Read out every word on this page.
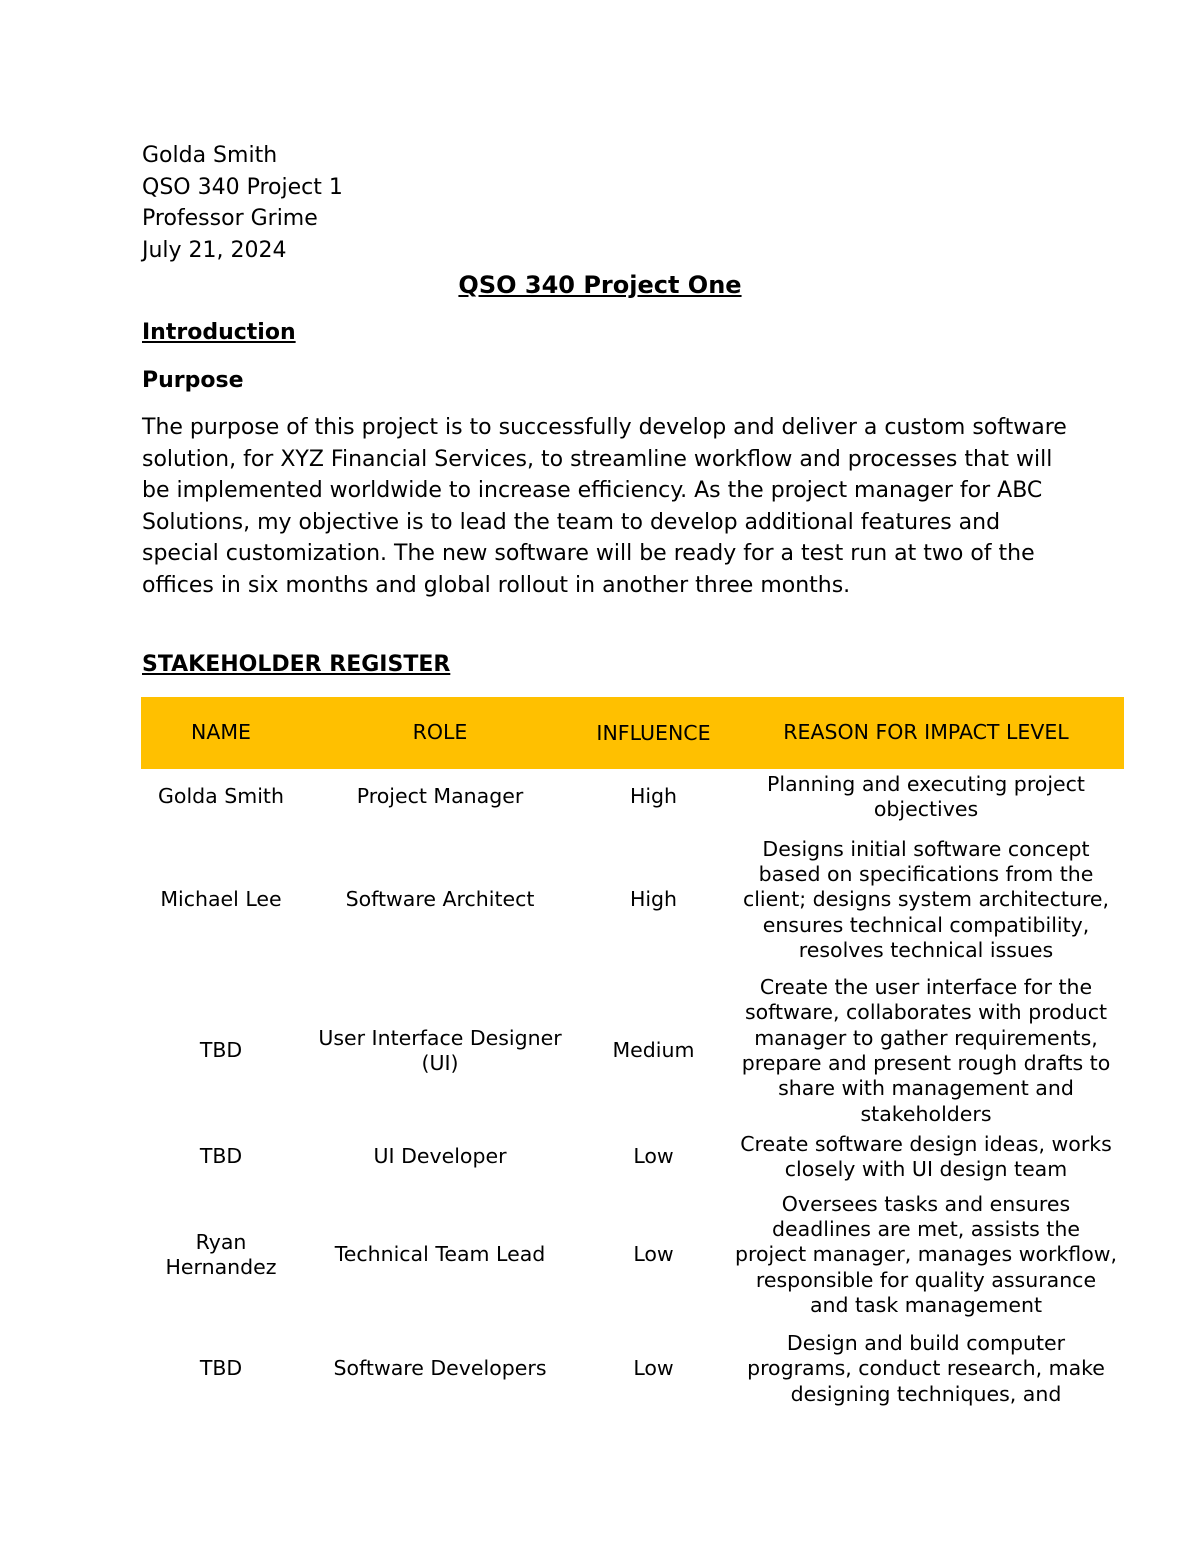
Golda Smith
QSO 340 Project 1
Professor Grime
July 21, 2024
QSO 340 Project One
Introduction
Purpose
The purpose of this project is to successfully develop and deliver a custom software solution, for XYZ Financial Services, to streamline workflow and processes that will be implemented worldwide to increase efficiency. As the project manager for ABC Solutions, my objective is to lead the team to develop additional features and special customization. The new software will be ready for a test run at two of the offices in six months and global rollout in another three months.
STAKEHOLDER REGISTER
NAME	ROLE	INFLUENCE	REASON FOR IMPACT LEVEL
Golda Smith	Project Manager	High	Planning and executing project objectives
Michael Lee	Software Architect	High	Designs initial software concept based on specifications from the client; designs system architecture, ensures technical compatibility, resolves technical issues
TBD	User Interface Designer (UI)	Medium	Create the user interface for the software, collaborates with product manager to gather requirements, prepare and present rough drafts to share with management and stakeholders
TBD	UI Developer	Low	Create software design ideas, works closely with UI design team
Ryan Hernandez	Technical Team Lead	Low	Oversees tasks and ensures deadlines are met, assists the project manager, manages workflow, responsible for quality assurance and task management
TBD	Software Developers	Low	Design and build computer programs, conduct research, make designing techniques, and
